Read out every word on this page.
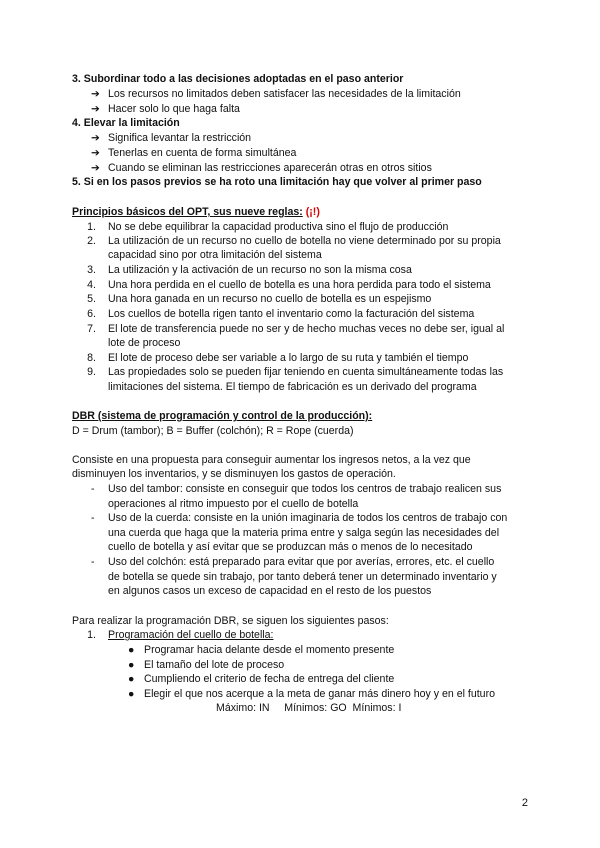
3. Subordinar todo a las decisiones adoptadas en el paso anterior
➔ Los recursos no limitados deben satisfacer las necesidades de la limitación
➔ Hacer solo lo que haga falta
4. Elevar la limitación
➔ Significa levantar la restricción
➔ Tenerlas en cuenta de forma simultánea
➔ Cuando se eliminan las restricciones aparecerán otras en otros sitios
5. Si en los pasos previos se ha roto una limitación hay que volver al primer paso
Principios básicos del OPT, sus nueve reglas: (¡!)
1. No se debe equilibrar la capacidad productiva sino el flujo de producción
2. La utilización de un recurso no cuello de botella no viene determinado por su propia
capacidad sino por otra limitación del sistema
3. La utilización y la activación de un recurso no son la misma cosa
4. Una hora perdida en el cuello de botella es una hora perdida para todo el sistema
5. Una hora ganada en un recurso no cuello de botella es un espejismo
6. Los cuellos de botella rigen tanto el inventario como la facturación del sistema
7. El lote de transferencia puede no ser y de hecho muchas veces no debe ser, igual al
lote de proceso
8. El lote de proceso debe ser variable a lo largo de su ruta y también el tiempo
9. Las propiedades solo se pueden fijar teniendo en cuenta simultáneamente todas las
limitaciones del sistema. El tiempo de fabricación es un derivado del programa
DBR (sistema de programación y control de la producción):
D = Drum (tambor); B = Buffer (colchón); R = Rope (cuerda)
Consiste en una propuesta para conseguir aumentar los ingresos netos, a la vez que
disminuyen los inventarios, y se disminuyen los gastos de operación.
- Uso del tambor: consiste en conseguir que todos los centros de trabajo realicen sus
operaciones al ritmo impuesto por el cuello de botella
- Uso de la cuerda: consiste en la unión imaginaria de todos los centros de trabajo con
una cuerda que haga que la materia prima entre y salga según las necesidades del
cuello de botella y así evitar que se produzcan más o menos de lo necesitado
- Uso del colchón: está preparado para evitar que por averías, errores, etc. el cuello
de botella se quede sin trabajo, por tanto deberá tener un determinado inventario y
en algunos casos un exceso de capacidad en el resto de los puestos
Para realizar la programación DBR, se siguen los siguientes pasos:
1. Programación del cuello de botella:
● Programar hacia delante desde el momento presente
● El tamaño del lote de proceso
● Cumpliendo el criterio de fecha de entrega del cliente
● Elegir el que nos acerque a la meta de ganar más dinero hoy y en el futuro
Máximo: IN     Mínimos: GO  Mínimos: I
2
